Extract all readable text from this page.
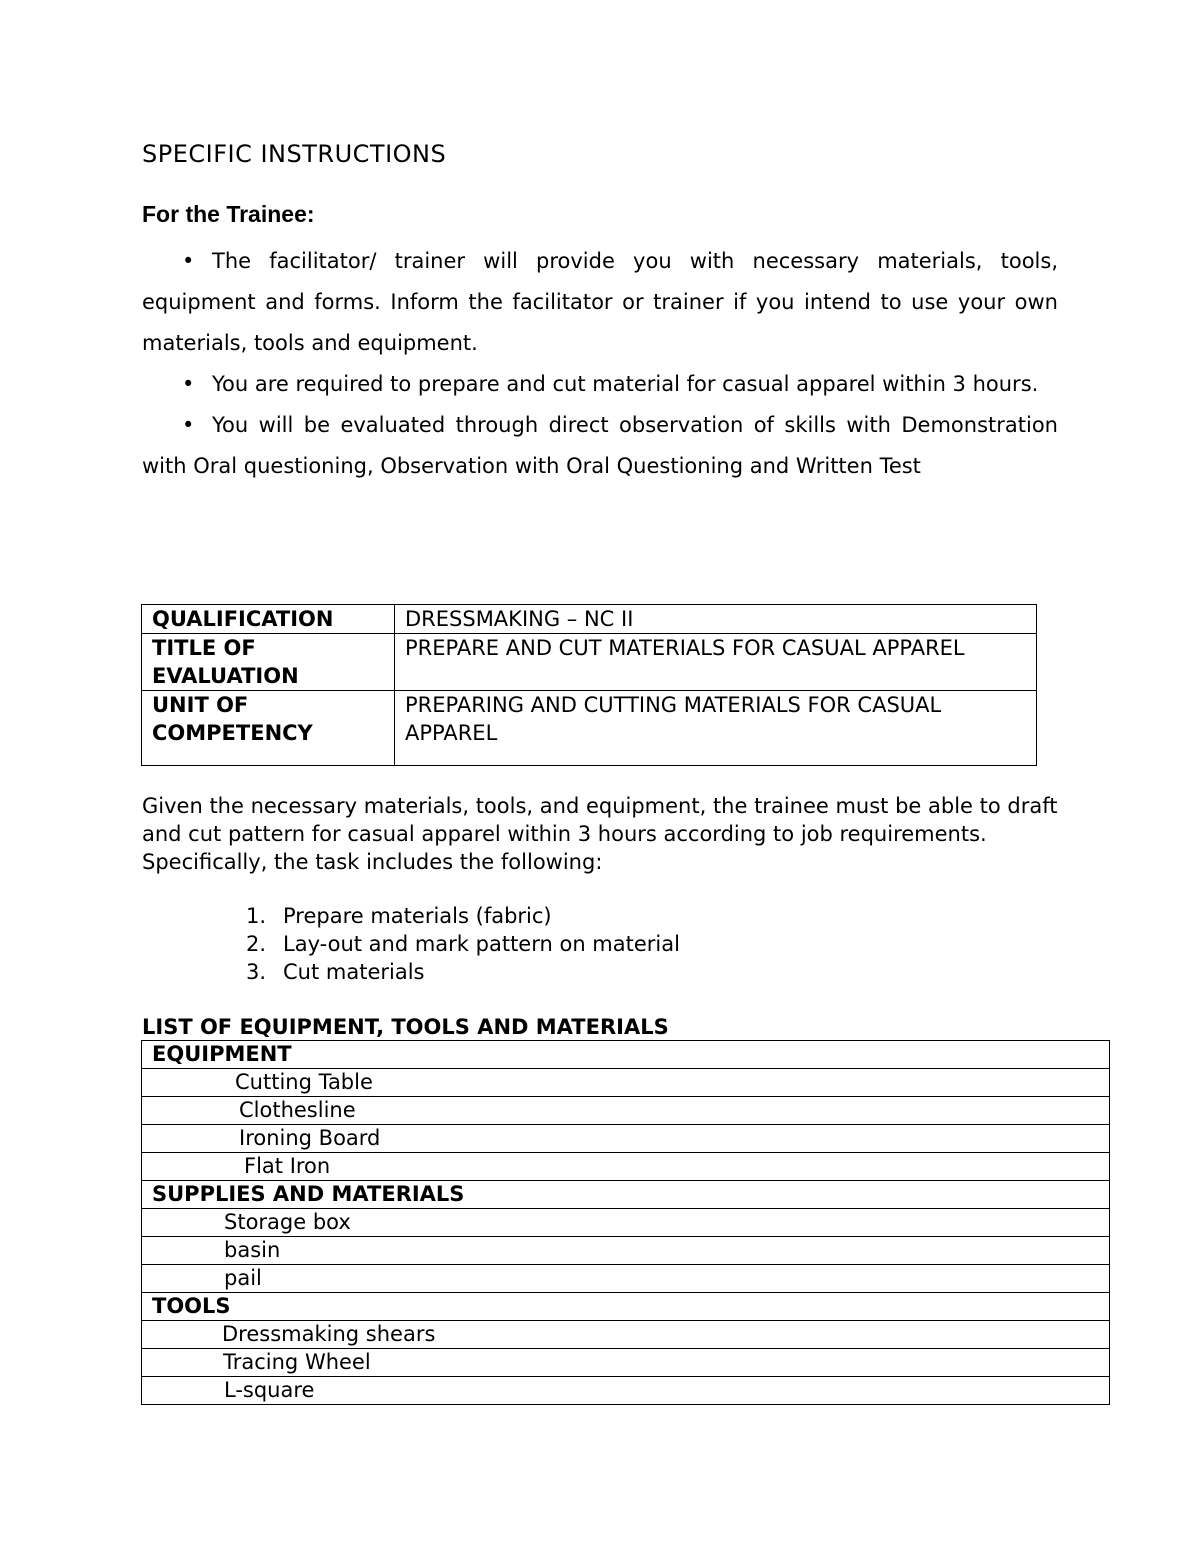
SPECIFIC INSTRUCTIONS
For the Trainee:

• The facilitator/ trainer will provide you with necessary materials, tools, equipment and forms. Inform the facilitator or trainer if you intend to use your own materials, tools and equipment.

• You are required to prepare and cut material for casual apparel within 3 hours.

• You will be evaluated through direct observation of skills with Demonstration with Oral questioning, Observation with Oral Questioning and Written Test

QUALIFICATION	DRESSMAKING – NC II
TITLE OF EVALUATION	PREPARE AND CUT MATERIALS FOR CASUAL APPAREL
UNIT OF COMPETENCY	PREPARING AND CUTTING MATERIALS FOR CASUAL APPAREL

Given the necessary materials, tools, and equipment, the trainee must be able to draft and cut pattern for casual apparel within 3 hours according to job requirements. Specifically, the task includes the following:

1. Prepare materials (fabric)
2. Lay-out and mark pattern on material
3. Cut materials

LIST OF EQUIPMENT, TOOLS AND MATERIALS

EQUIPMENT
Cutting Table
Clothesline
Ironing Board
Flat Iron
SUPPLIES AND MATERIALS
Storage box
basin
pail
TOOLS
Dressmaking shears
Tracing Wheel
L-square
